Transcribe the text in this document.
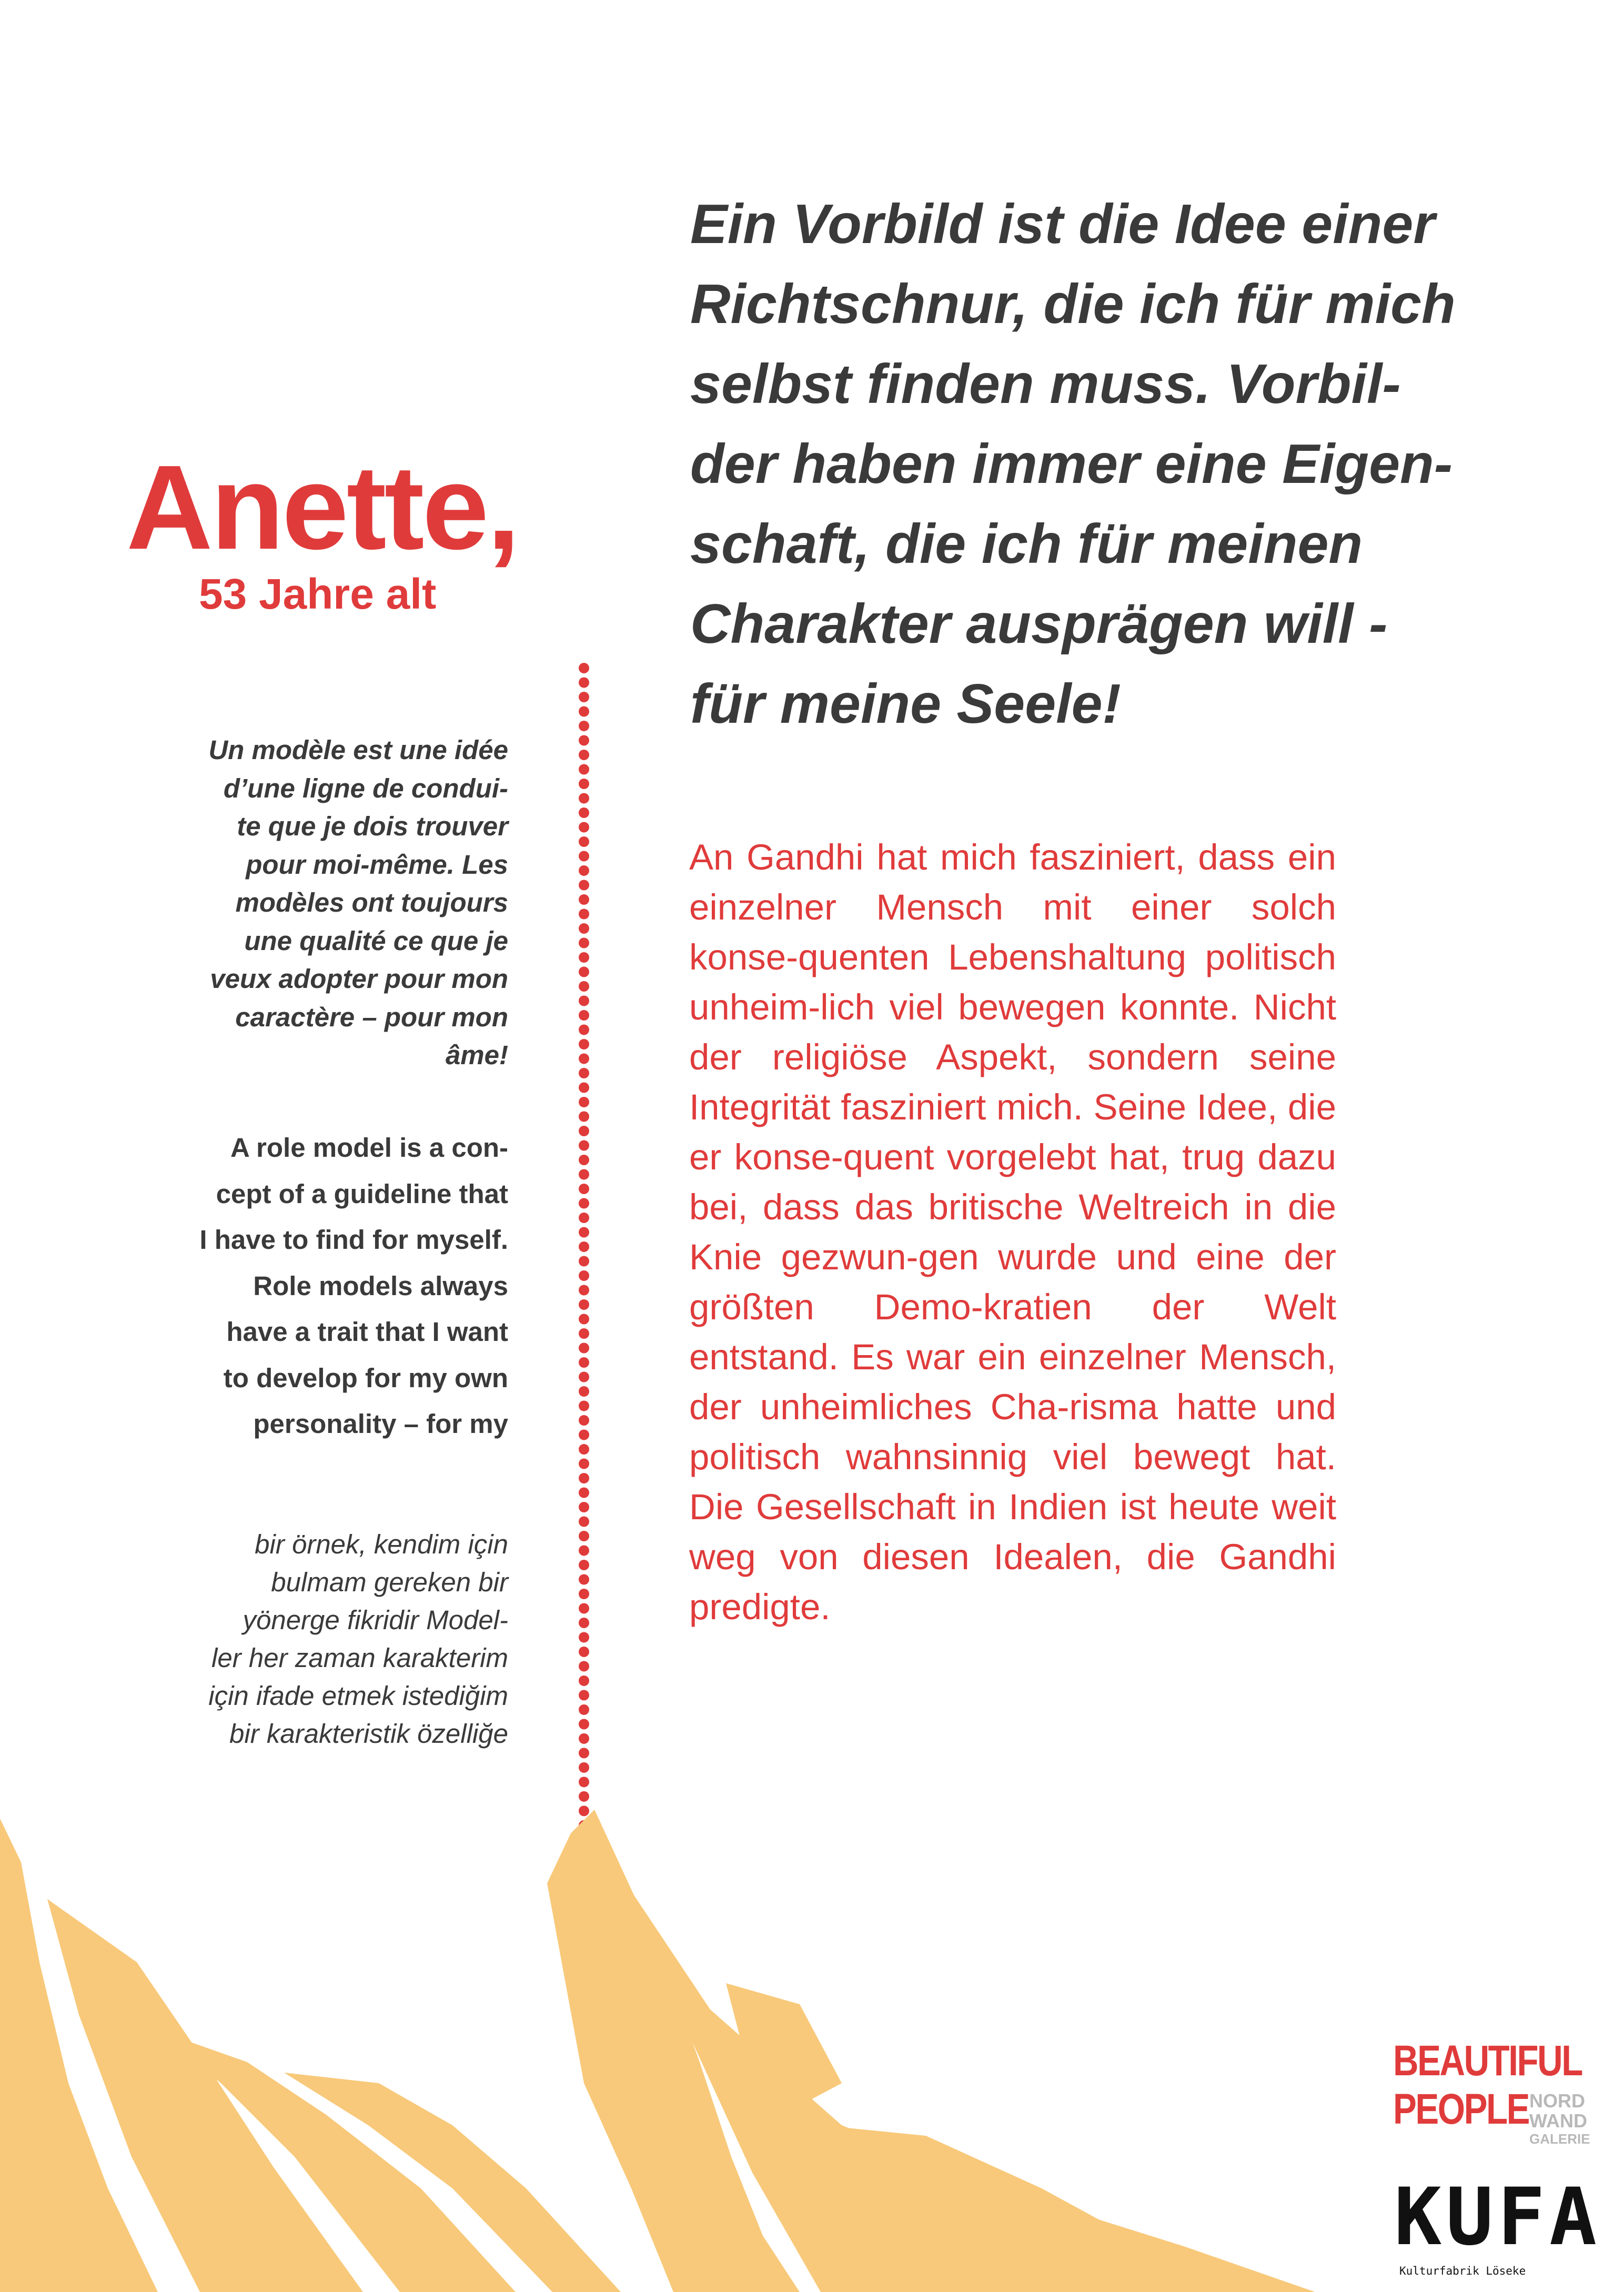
Anette,
53 Jahre alt
Un modèle est une idée
d’une ligne de condui-
te que je dois trouver
pour moi-même. Les
modèles ont toujours
une qualité ce que je
veux adopter pour mon
caractère – pour mon
âme!
A role model is a con-
cept of a guideline that
I have to find for myself.
Role models always
have a trait that I want
to develop for my own
personality – for my
bir örnek, kendim için
bulmam gereken bir
yönerge fikridir Model-
ler her zaman karakterim
için ifade etmek istediğim
bir karakteristik özelliğe
Ein Vorbild ist die Idee einer
Richtschnur, die ich für mich
selbst finden muss. Vorbil-
der haben immer eine Eigen-
schaft, die ich für meinen
Charakter ausprägen will -
für meine Seele!

An Gandhi hat mich fasziniert, dass ein einzelner Mensch mit einer solch konse-quenten Lebenshaltung politisch unheim-lich viel bewegen konnte. Nicht der religiöse Aspekt, sondern seine Integrität fasziniert mich. Seine Idee, die er konse-quent vorgelebt hat, trug dazu bei, dass das britische Weltreich in die Knie gezwun-gen wurde und eine der größten Demo-kratien der Welt entstand. Es war ein einzelner Mensch, der unheimliches Cha-risma hatte und politisch wahnsinnig viel bewegt hat. Die Gesellschaft in Indien ist heute weit weg von diesen Idealen, die Gandhi predigte.

BEAUTIFUL
PEOPLE NORD
WAND
GALERIE
KUFA
Kulturfabrik Löseke
